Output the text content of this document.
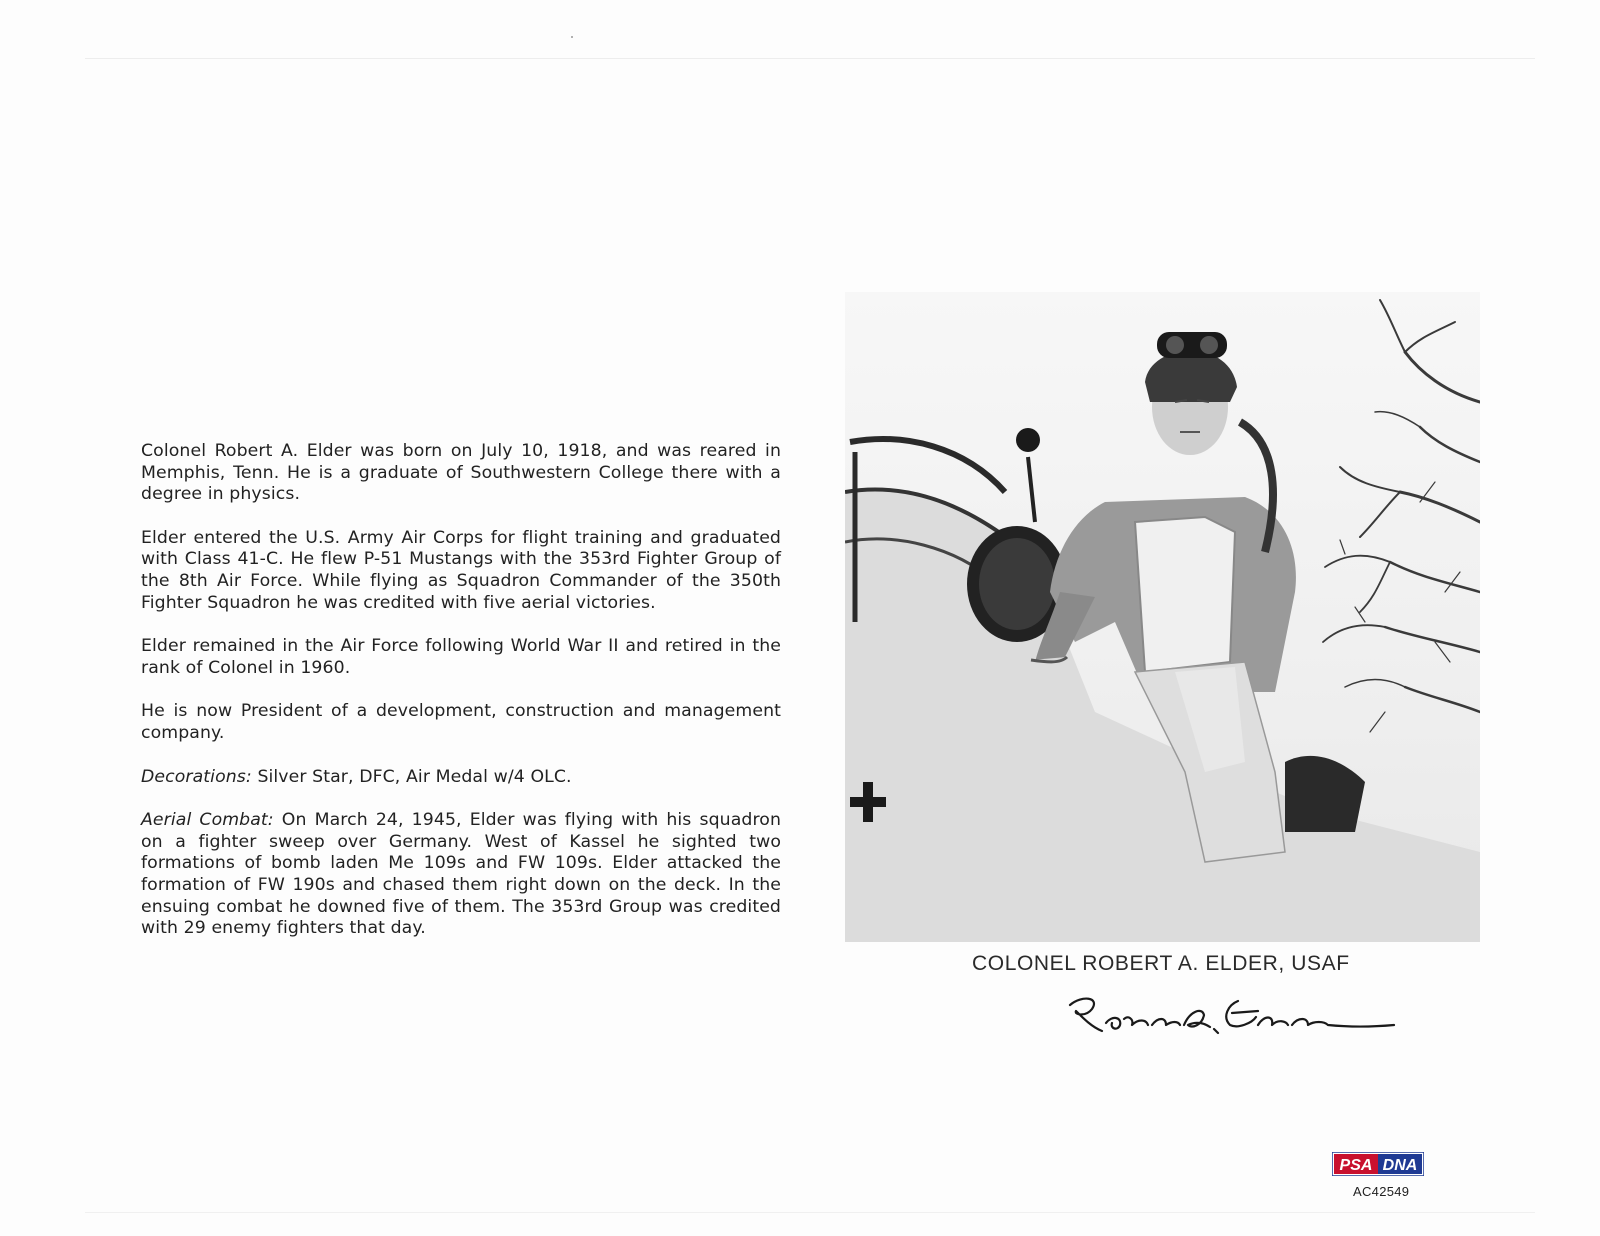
Colonel Robert A. Elder was born on July 10, 1918, and was reared in Memphis, Tenn. He is a graduate of Southwestern College there with a degree in physics.

Elder entered the U.S. Army Air Corps for flight training and graduated with Class 41-C. He flew P-51 Mustangs with the 353rd Fighter Group of the 8th Air Force. While flying as Squadron Commander of the 350th Fighter Squadron he was credited with five aerial victories.

Elder remained in the Air Force following World War II and retired in the rank of Colonel in 1960.

He is now President of a development, construction and management company.

Decorations: Silver Star, DFC, Air Medal w/4 OLC.

Aerial Combat: On March 24, 1945, Elder was flying with his squadron on a fighter sweep over Germany. West of Kassel he sighted two formations of bomb laden Me 109s and FW 109s. Elder attacked the formation of FW 190s and chased them right down on the deck. In the ensuing combat he downed five of them. The 353rd Group was credited with 29 enemy fighters that day.

COLONEL ROBERT A. ELDER, USAF
PSA DNA
AC42549
